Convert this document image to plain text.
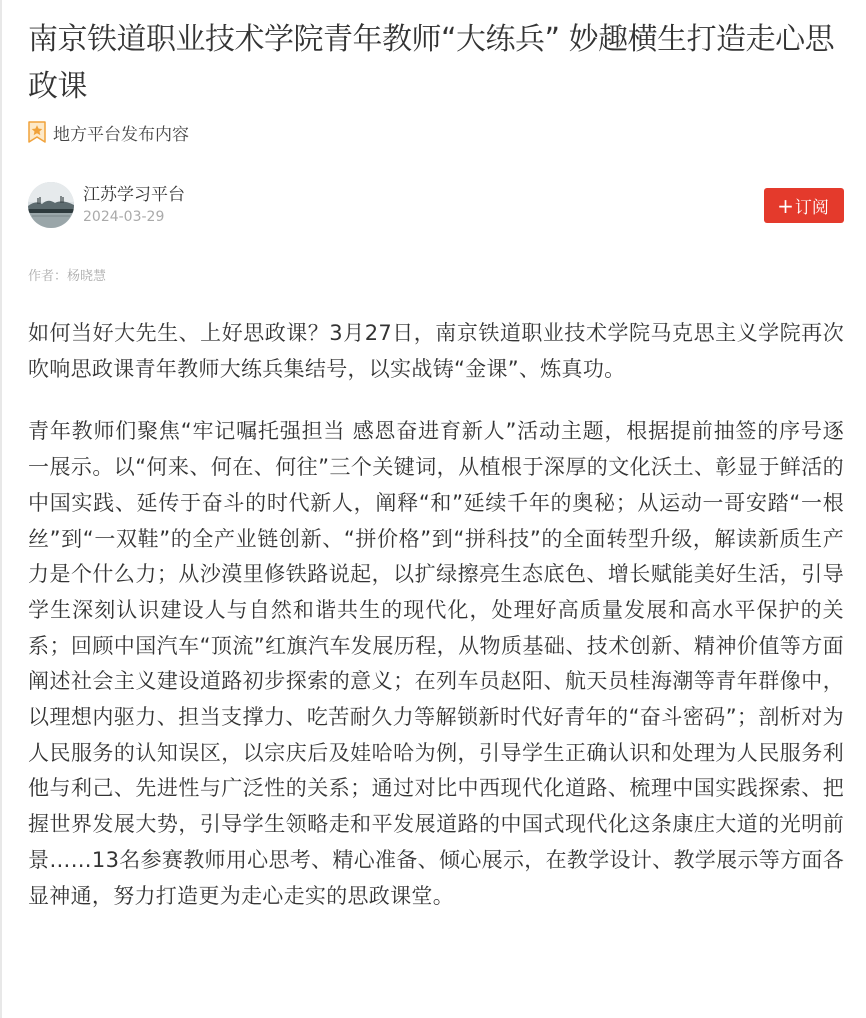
南京铁道职业技术学院青年教师“大练兵” 妙趣横生打造走心思政课
地方平台发布内容
江苏学习平台
2024-03-29	+ 订阅
作者：杨晓慧

如何当好大先生、上好思政课？3月27日，南京铁道职业技术学院马克思主义学院再次吹响思政课青年教师大练兵集结号，以实战铸“金课”、炼真功。

青年教师们聚焦“牢记嘱托强担当 感恩奋进育新人”活动主题，根据提前抽签的序号逐一展示。以“何来、何在、何往”三个关键词，从植根于深厚的文化沃土、彰显于鲜活的中国实践、延传于奋斗的时代新人，阐释“和”延续千年的奥秘；从运动一哥安踏“一根丝”到“一双鞋”的全产业链创新、“拼价格”到“拼科技”的全面转型升级，解读新质生产力是个什么力；从沙漠里修铁路说起，以扩绿擦亮生态底色、增长赋能美好生活，引导学生深刻认识建设人与自然和谐共生的现代化，处理好高质量发展和高水平保护的关系；回顾中国汽车“顶流”红旗汽车发展历程，从物质基础、技术创新、精神价值等方面阐述社会主义建设道路初步探索的意义；在列车员赵阳、航天员桂海潮等青年群像中，以理想内驱力、担当支撑力、吃苦耐久力等解锁新时代好青年的“奋斗密码”；剖析对为人民服务的认知误区，以宗庆后及娃哈哈为例，引导学生正确认识和处理为人民服务利他与利己、先进性与广泛性的关系；通过对比中西现代化道路、梳理中国实践探索、把握世界发展大势，引导学生领略走和平发展道路的中国式现代化这条康庄大道的光明前景……13名参赛教师用心思考、精心准备、倾心展示，在教学设计、教学展示等方面各显神通，努力打造更为走心走实的思政课堂。
